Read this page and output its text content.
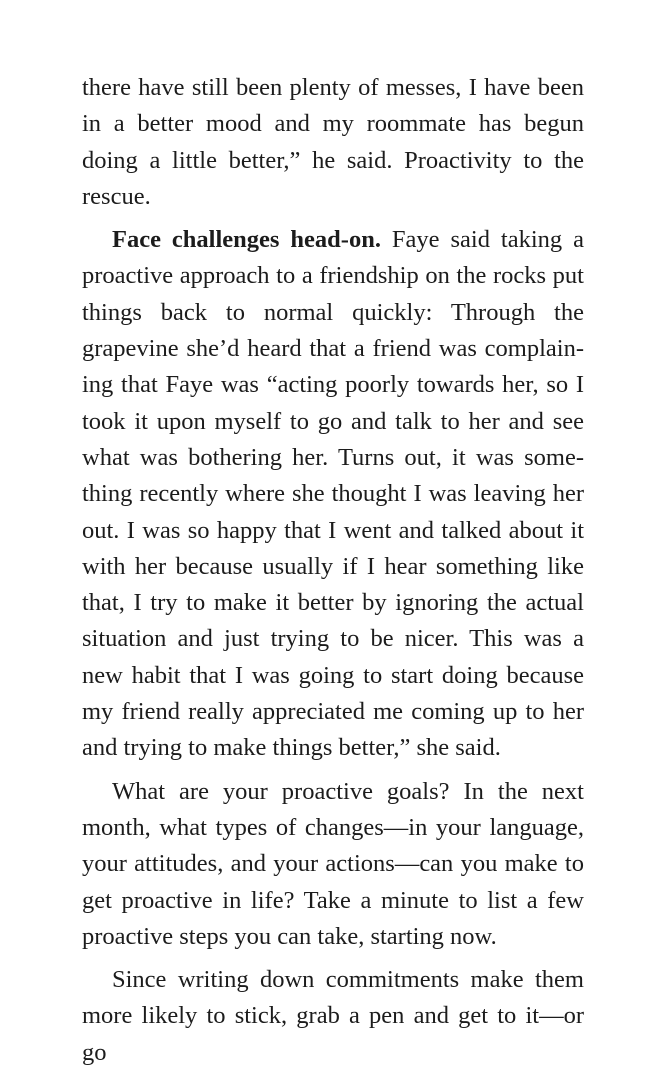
there have still been plenty of messes, I have been in a better mood and my roommate has begun doing a little better,” he said. Proactivity to the rescue.

Face challenges head-on. Faye said taking a proactive approach to a friendship on the rocks put things back to normal quickly: Through the grapevine she’d heard that a friend was complaining that Faye was “acting poorly towards her, so I took it upon myself to go and talk to her and see what was bothering her. Turns out, it was something recently where she thought I was leaving her out. I was so happy that I went and talked about it with her because usually if I hear something like that, I try to make it better by ignoring the actual situation and just trying to be nicer. This was a new habit that I was going to start doing because my friend really appreciated me coming up to her and trying to make things better,” she said.

What are your proactive goals? In the next month, what types of changes—in your language, your attitudes, and your actions—can you make to get proactive in life? Take a minute to list a few proactive steps you can take, starting now.

Since writing down commitments make them more likely to stick, grab a pen and get to it—or go
